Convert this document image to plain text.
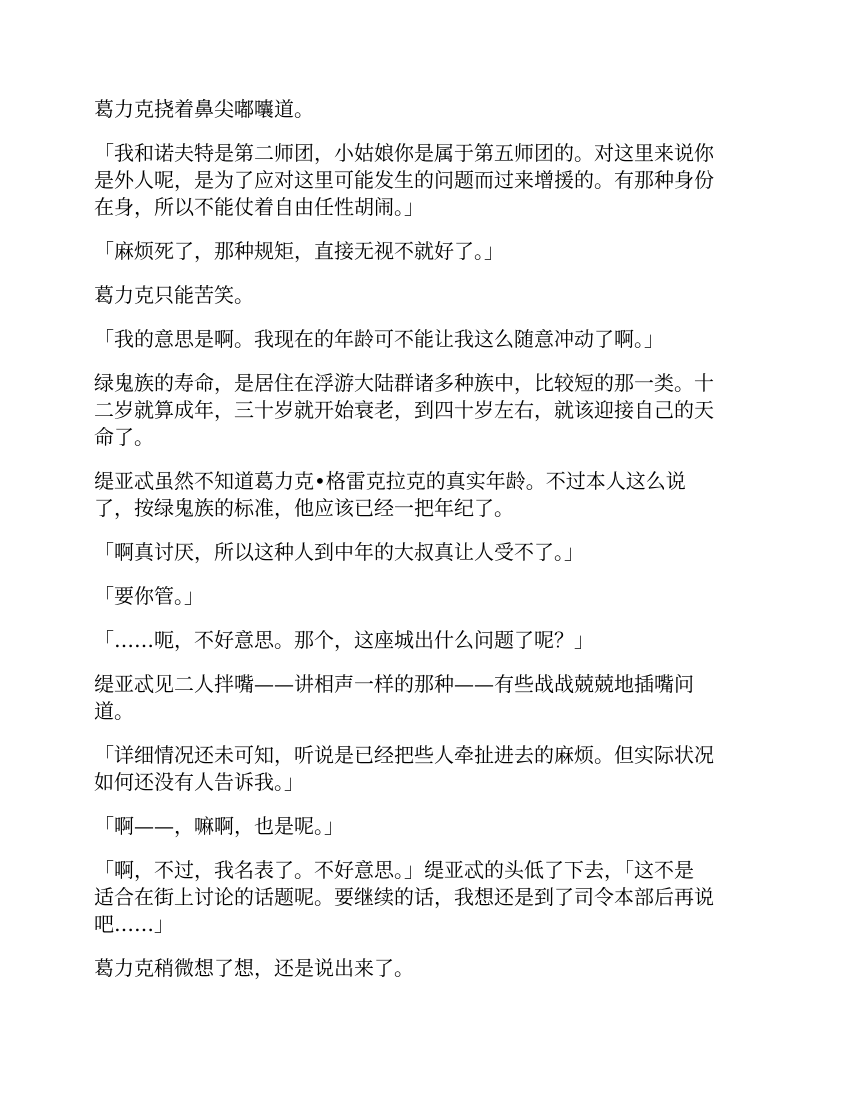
葛力克挠着鼻尖嘟囔道。

「我和诺夫特是第二师团，小姑娘你是属于第五师团的。对这里来说你
是外人呢，是为了应对这里可能发生的问题而过来增援的。有那种身份
在身，所以不能仗着自由任性胡闹。」

「麻烦死了，那种规矩，直接无视不就好了。」

葛力克只能苦笑。

「我的意思是啊。我现在的年龄可不能让我这么随意冲动了啊。」

绿鬼族的寿命，是居住在浮游大陆群诸多种族中，比较短的那一类。十
二岁就算成年，三十岁就开始衰老，到四十岁左右，就该迎接自己的天
命了。

缇亚忒虽然不知道葛力克•格雷克拉克的真实年龄。不过本人这么说
了，按绿鬼族的标准，他应该已经一把年纪了。

「啊真讨厌，所以这种人到中年的大叔真让人受不了。」

「要你管。」

「……呃，不好意思。那个，这座城出什么问题了呢？」

缇亚忒见二人拌嘴——讲相声一样的那种——有些战战兢兢地插嘴问
道。

「详细情况还未可知，听说是已经把些人牵扯进去的麻烦。但实际状况
如何还没有人告诉我。」

「啊——，嘛啊，也是呢。」

「啊，不过，我名表了。不好意思。」缇亚忒的头低了下去，「这不是
适合在街上讨论的话题呢。要继续的话，我想还是到了司令本部后再说
吧……」

葛力克稍微想了想，还是说出来了。
